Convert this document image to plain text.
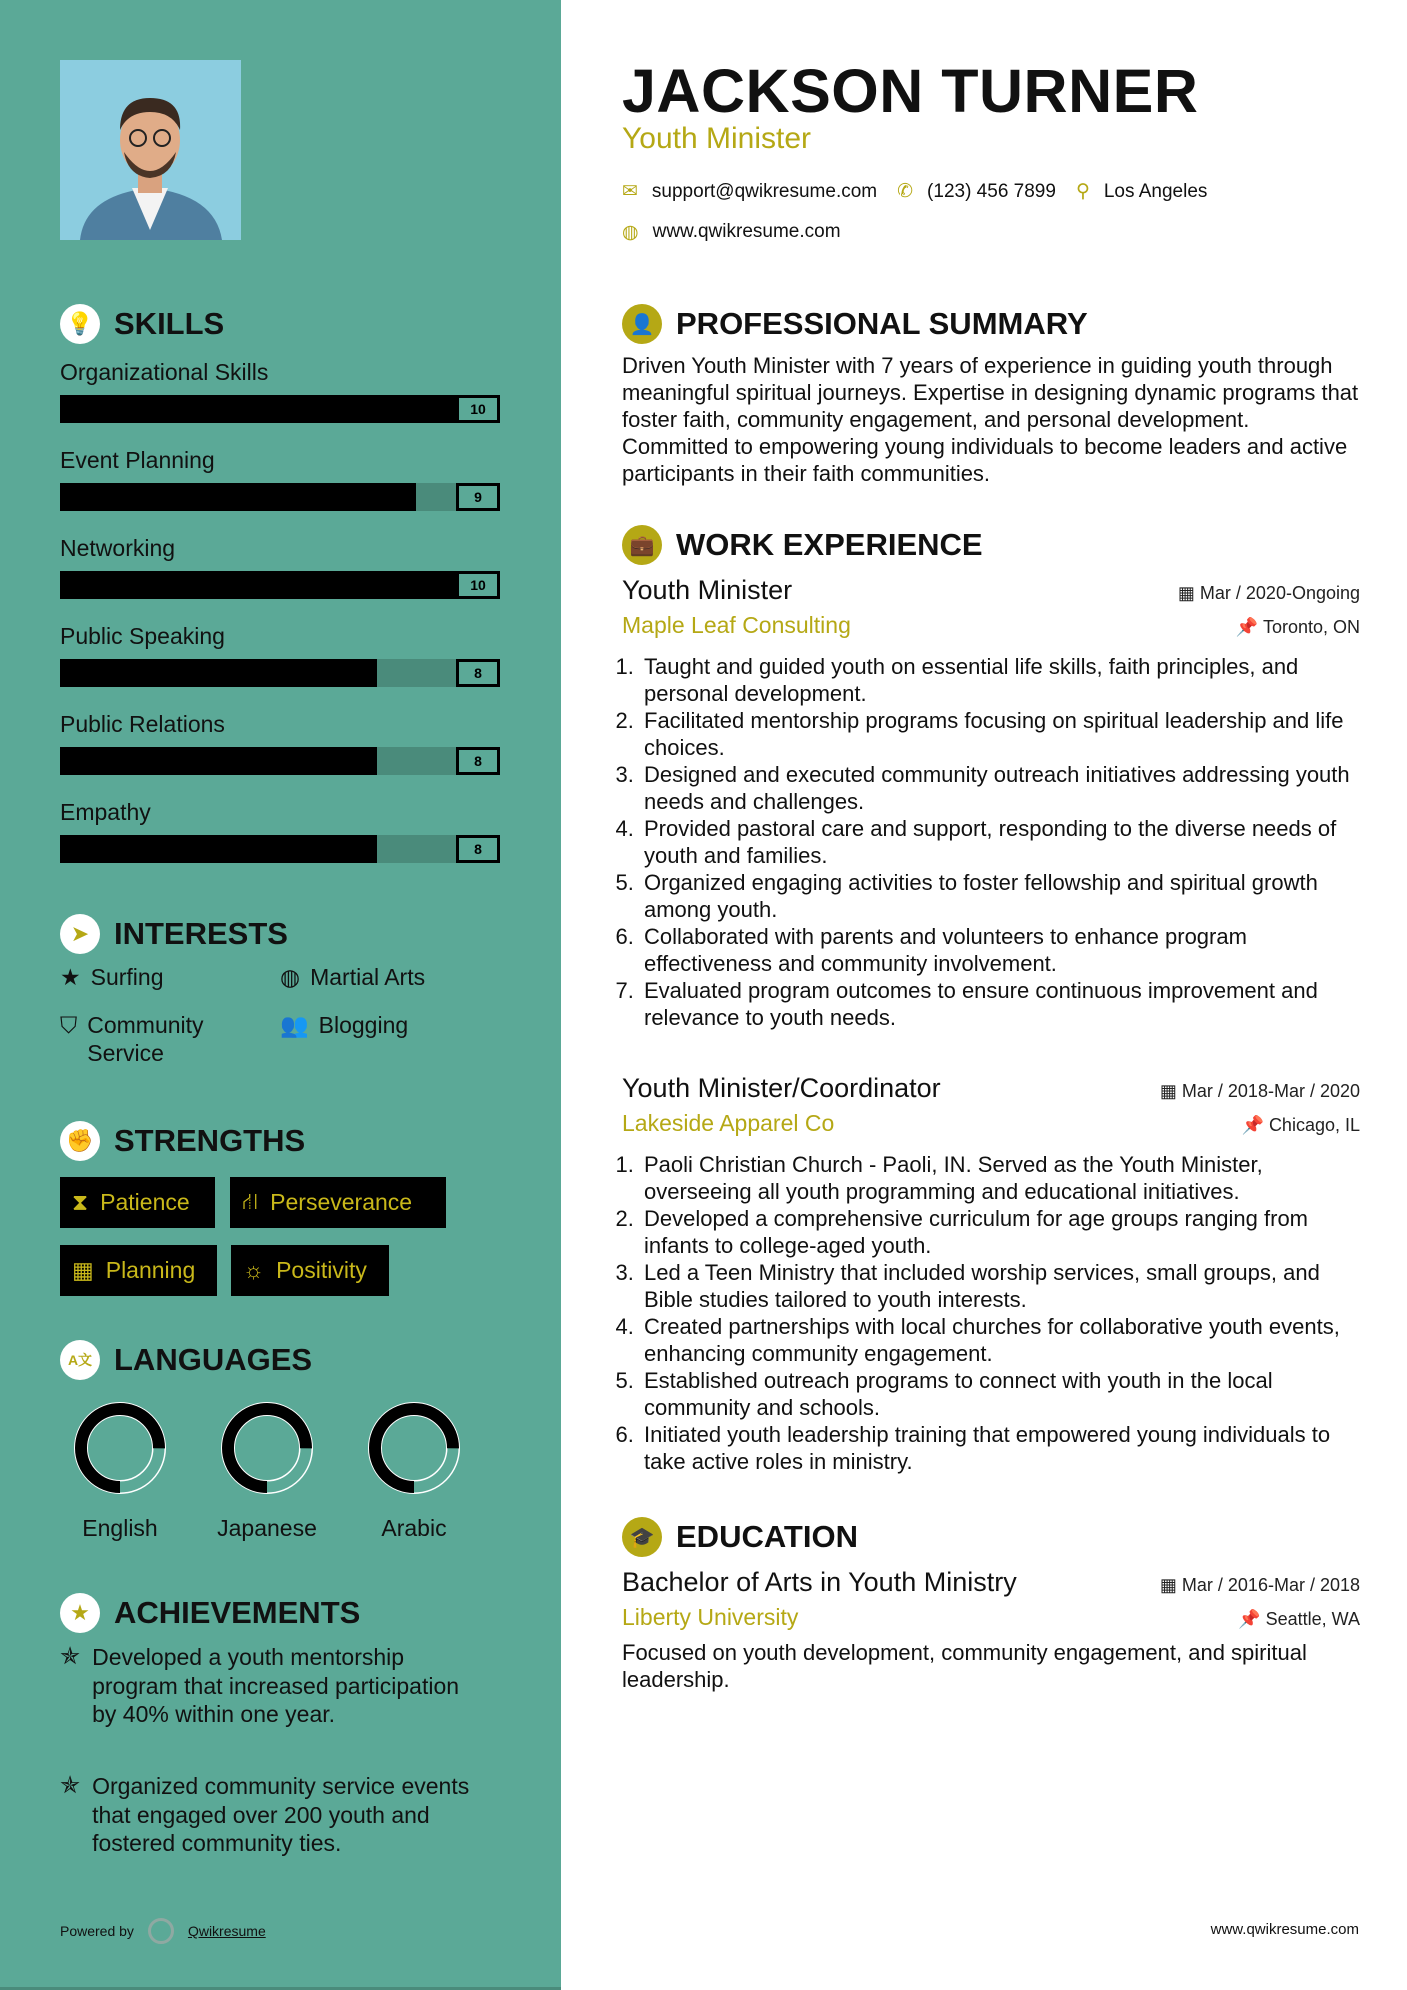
💡 SKILLS
Organizational Skills
10
Event Planning
9
Networking
10
Public Speaking
8
Public Relations
8
Empathy
8
➤ INTERESTS
★ Surfing	◍ Martial Arts
⛉ Community Service
👥 Blogging
✊ STRENGTHS
⧗ Patience ⛙ Perseverance
▦ Planning ☼ Positivity
A文 LANGUAGES
English	Japanese	Arabic
★ ACHIEVEMENTS
✯ Developed a youth mentorship program that increased participation by 40% within one year.
✯ Organized community service events that engaged over 200 youth and fostered community ties.
Powered by	Qwikresume
JACKSON TURNER
Youth Minister
✉ support@qwikresume.com ✆ (123) 456 7899 ⚲ Los Angeles
◍ www.qwikresume.com
👤 PROFESSIONAL SUMMARY

Driven Youth Minister with 7 years of experience in guiding youth through meaningful spiritual journeys. Expertise in designing dynamic programs that foster faith, community engagement, and personal development. Committed to empowering young individuals to become leaders and active participants in their faith communities.

💼 WORK EXPERIENCE
Youth Minister	▦ Mar / 2020-Ongoing
Maple Leaf Consulting	📌 Toronto, ON
1. Taught and guided youth on essential life skills, faith principles, and personal development.
2. Facilitated mentorship programs focusing on spiritual leadership and life choices.
3. Designed and executed community outreach initiatives addressing youth needs and challenges.
4. Provided pastoral care and support, responding to the diverse needs of youth and families.
5. Organized engaging activities to foster fellowship and spiritual growth among youth.
6. Collaborated with parents and volunteers to enhance program effectiveness and community involvement.
7. Evaluated program outcomes to ensure continuous improvement and relevance to youth needs.
Youth Minister/Coordinator	▦ Mar / 2018-Mar / 2020
Lakeside Apparel Co	📌 Chicago, IL
1. Paoli Christian Church - Paoli, IN. Served as the Youth Minister, overseeing all youth programming and educational initiatives.
2. Developed a comprehensive curriculum for age groups ranging from infants to college-aged youth.
3. Led a Teen Ministry that included worship services, small groups, and Bible studies tailored to youth interests.
4. Created partnerships with local churches for collaborative youth events, enhancing community engagement.
5. Established outreach programs to connect with youth in the local community and schools.
6. Initiated youth leadership training that empowered young individuals to take active roles in ministry.
🎓 EDUCATION
Bachelor of Arts in Youth Ministry	▦ Mar / 2016-Mar / 2018
Liberty University	📌 Seattle, WA

Focused on youth development, community engagement, and spiritual leadership.

www.qwikresume.com
